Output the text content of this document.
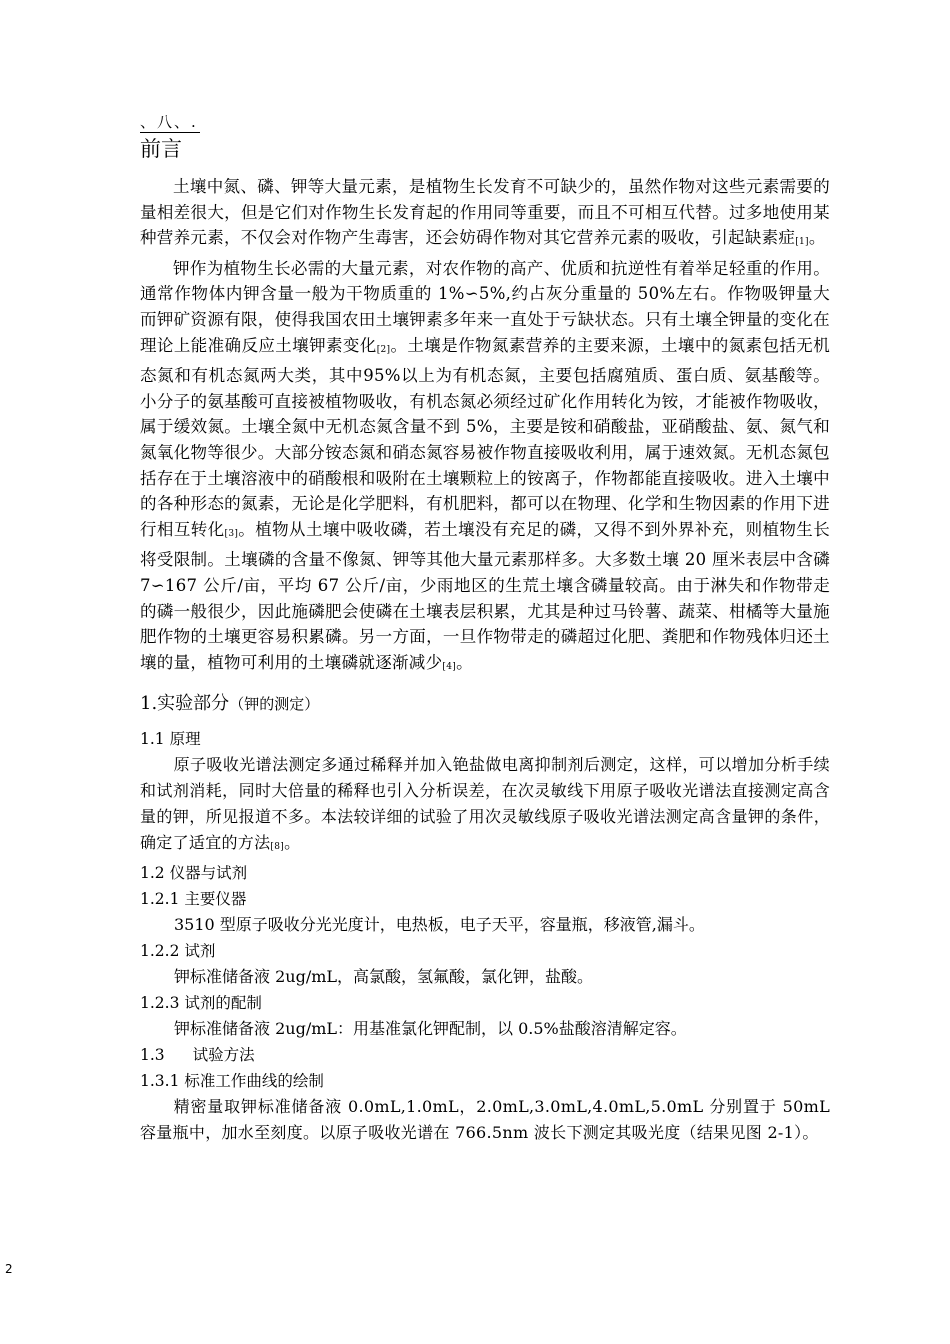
、八、.
前言

土壤中氮、磷、钾等大量元素，是植物生长发育不可缺少的，虽然作物对这些元素需要的量相差很大，但是它们对作物生长发育起的作用同等重要，而且不可相互代替。过多地使用某种营养元素，不仅会对作物产生毒害，还会妨碍作物对其它营养元素的吸收，引起缺素症[1]。

钾作为植物生长必需的大量元素，对农作物的高产、优质和抗逆性有着举足轻重的作用。通常作物体内钾含量一般为干物质重的 1%∽5%,约占灰分重量的 50%左右。作物吸钾量大而钾矿资源有限，使得我国农田土壤钾素多年来一直处于亏缺状态。只有土壤全钾量的变化在理论上能准确反应土壤钾素变化[2]。土壤是作物氮素营养的主要来源，土壤中的氮素包括无机态氮和有机态氮两大类，其中95%以上为有机态氮，主要包括腐殖质、蛋白质、氨基酸等。小分子的氨基酸可直接被植物吸收，有机态氮必须经过矿化作用转化为铵，才能被作物吸收，属于缓效氮。土壤全氮中无机态氮含量不到 5%，主要是铵和硝酸盐，亚硝酸盐、氨、氮气和氮氧化物等很少。大部分铵态氮和硝态氮容易被作物直接吸收利用，属于速效氮。无机态氮包括存在于土壤溶液中的硝酸根和吸附在土壤颗粒上的铵离子，作物都能直接吸收。进入土壤中的各种形态的氮素，无论是化学肥料，有机肥料，都可以在物理、化学和生物因素的作用下进行相互转化[3]。植物从土壤中吸收磷，若土壤没有充足的磷，又得不到外界补充，则植物生长将受限制。土壤磷的含量不像氮、钾等其他大量元素那样多。大多数土壤 20 厘米表层中含磷 7∽167 公斤/亩，平均 67 公斤/亩，少雨地区的生荒土壤含磷量较高。由于淋失和作物带走的磷一般很少，因此施磷肥会使磷在土壤表层积累，尤其是种过马铃薯、蔬菜、柑橘等大量施肥作物的土壤更容易积累磷。另一方面，一旦作物带走的磷超过化肥、粪肥和作物残体归还土壤的量，植物可利用的土壤磷就逐渐减少[4]。

1.实验部分（钾的测定）
1.1 原理

原子吸收光谱法测定多通过稀释并加入铯盐做电离抑制剂后测定，这样，可以增加分析手续和试剂消耗，同时大倍量的稀释也引入分析误差，在次灵敏线下用原子吸收光谱法直接测定高含量的钾，所见报道不多。本法较详细的试验了用次灵敏线原子吸收光谱法测定高含量钾的条件，确定了适宜的方法[8]。

1.2 仪器与试剂
1.2.1 主要仪器

3510 型原子吸收分光光度计，电热板，电子天平，容量瓶，移液管,漏斗。

1.2.2 试剂

钾标准储备液 2ug/mL，高氯酸，氢氟酸，氯化钾，盐酸。

1.2.3 试剂的配制

钾标准储备液 2ug/mL：用基准氯化钾配制，以 0.5%盐酸溶清解定容。

1.3 试验方法
1.3.1 标准工作曲线的绘制

精密量取钾标准储备液 0.0mL,1.0mL，2.0mL,3.0mL,4.0mL,5.0mL 分别置于 50mL 容量瓶中，加水至刻度。以原子吸收光谱在 766.5nm 波长下测定其吸光度（结果见图 2-1）。

2
